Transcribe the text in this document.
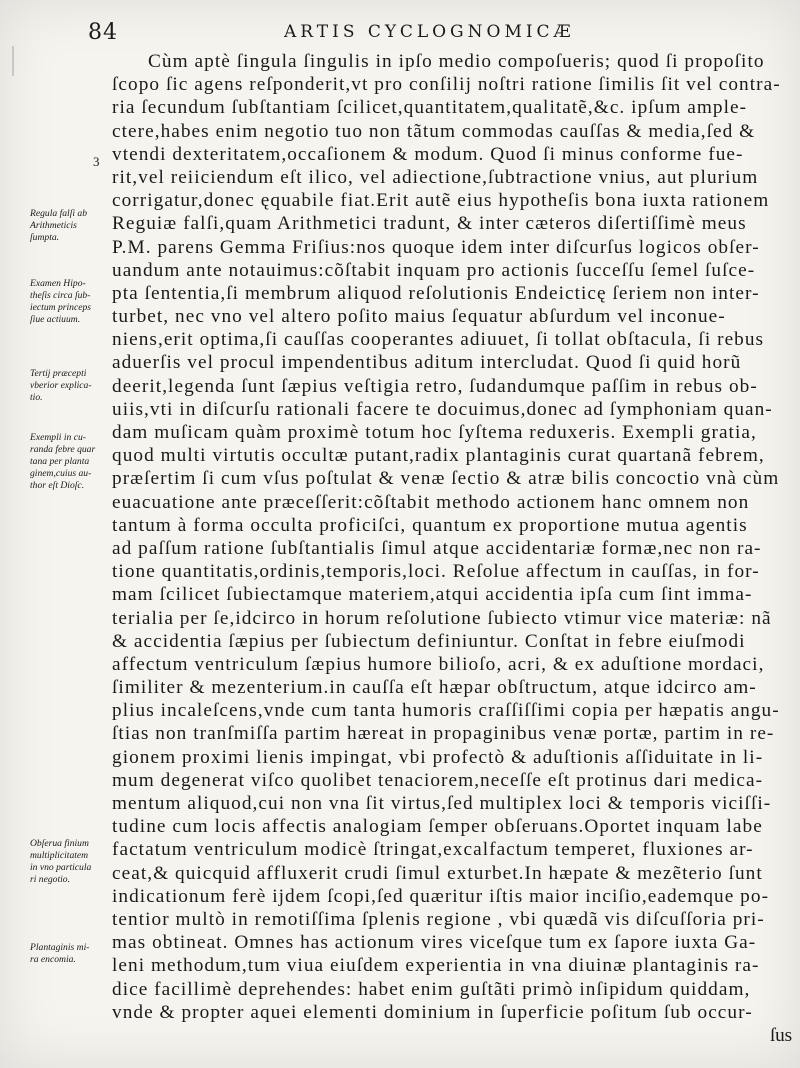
84	ARTIS CYCLOGNOMICÆ
3
Cùm aptè ſingula ſingulis in ipſo medio compoſueris; quod ſi propoſito
ſcopo ſic agens reſponderit,vt pro conſilij noſtri ratione ſimilis ſit vel contra-
ria ſecundum ſubſtantiam ſcilicet,quantitatem,qualitatẽ,&c. ipſum ample-
ctere,habes enim negotio tuo non tãtum commodas cauſſas & media,ſed &
vtendi dexteritatem,occaſionem & modum. Quod ſi minus conforme fue-
rit,vel reiiciendum eſt ilico, vel adiectione,ſubtractione vnius, aut plurium
corrigatur,donec ęquabile fiat.Erit autẽ eius hypotheſis bona iuxta rationem
Reguiæ falſi,quam Arithmetici tradunt, & inter cæteros diſertiſſimè meus
P.M. parens Gemma Friſius:nos quoque idem inter diſcurſus logicos obſer-
uandum ante notauimus:cõſtabit inquam pro actionis ſucceſſu ſemel ſuſce-
pta ſententia,ſi membrum aliquod reſolutionis Endeicticę ſeriem non inter-
turbet, nec vno vel altero poſito maius ſequatur abſurdum vel inconue-
niens,erit optima,ſi cauſſas cooperantes adiuuet, ſi tollat obſtacula, ſi rebus
aduerſis vel procul impendentibus aditum intercludat. Quod ſi quid horũ
deerit,legenda ſunt ſæpius veſtigia retro, ſudandumque paſſim in rebus ob-
uiis,vti in diſcurſu rationali facere te docuimus,donec ad ſymphoniam quan-
dam muſicam quàm proximè totum hoc ſyſtema reduxeris. Exempli gratia,
quod multi virtutis occultæ putant,radix plantaginis curat quartanã febrem,
præſertim ſi cum vſus poſtulat & venæ ſectio & atræ bilis concoctio vnà cùm
euacuatione ante præceſſerit:cõſtabit methodo actionem hanc omnem non
tantum à forma occulta proficiſci, quantum ex proportione mutua agentis
ad paſſum ratione ſubſtantialis ſimul atque accidentariæ formæ,nec non ra-
tione quantitatis,ordinis,temporis,loci. Reſolue affectum in cauſſas, in for-
mam ſcilicet ſubiectamque materiem,atqui accidentia ipſa cum ſint imma-
terialia per ſe,idcirco in horum reſolutione ſubiecto vtimur vice materiæ: nã
& accidentia ſæpius per ſubiectum definiuntur. Conſtat in febre eiuſmodi
affectum ventriculum ſæpius humore bilioſo, acri, & ex aduſtione mordaci,
ſimiliter & mezenterium.in cauſſa eſt hæpar obſtructum, atque idcirco am-
plius incaleſcens,vnde cum tanta humoris craſſiſſimi copia per hæpatis angu-
ſtias non tranſmiſſa partim hæreat in propaginibus venæ portæ, partim in re-
gionem proximi lienis impingat, vbi profectò & aduſtionis aſſiduitate in li-
mum degenerat viſco quolibet tenaciorem,neceſſe eſt protinus dari medica-
mentum aliquod,cui non vna ſit virtus,ſed multiplex loci & temporis viciſſi-
tudine cum locis affectis analogiam ſemper obſeruans.Oportet inquam labe
factatum ventriculum modicè ſtringat,excalfactum temperet, fluxiones ar-
ceat,& quicquid affluxerit crudi ſimul exturbet.In hæpate & mezẽterio ſunt
indicationum ferè ijdem ſcopi,ſed quæritur iſtis maior inciſio,eademque po-
tentior multò in remotiſſima ſplenis regione , vbi quædã vis diſcuſſoria pri-
mas obtineat. Omnes has actionum vires viceſque tum ex ſapore iuxta Ga-
leni methodum,tum viua eiuſdem experientia in vna diuinæ plantaginis ra-
dice facillimè deprehendes: habet enim guſtãti primò inſipidum quiddam,
vnde & propter aquei elementi dominium in ſuperficie poſitum ſub occur-
ſus
Regula falſi ab
Arithmeticis
ſumpta.
Examen Hipo-
theſis circa ſub-
iectum princeps
ſiue actiuum.
Tertij præcepti
vberior explica-
tio.
Exempli in cu-
randa febre quar
tana per planta
ginem,cuius au-
thor eſt Dioſc.
Obſerua finium
multiplicitatem
in vno particula
ri negotio.
Plantaginis mi-
ra encomia.
